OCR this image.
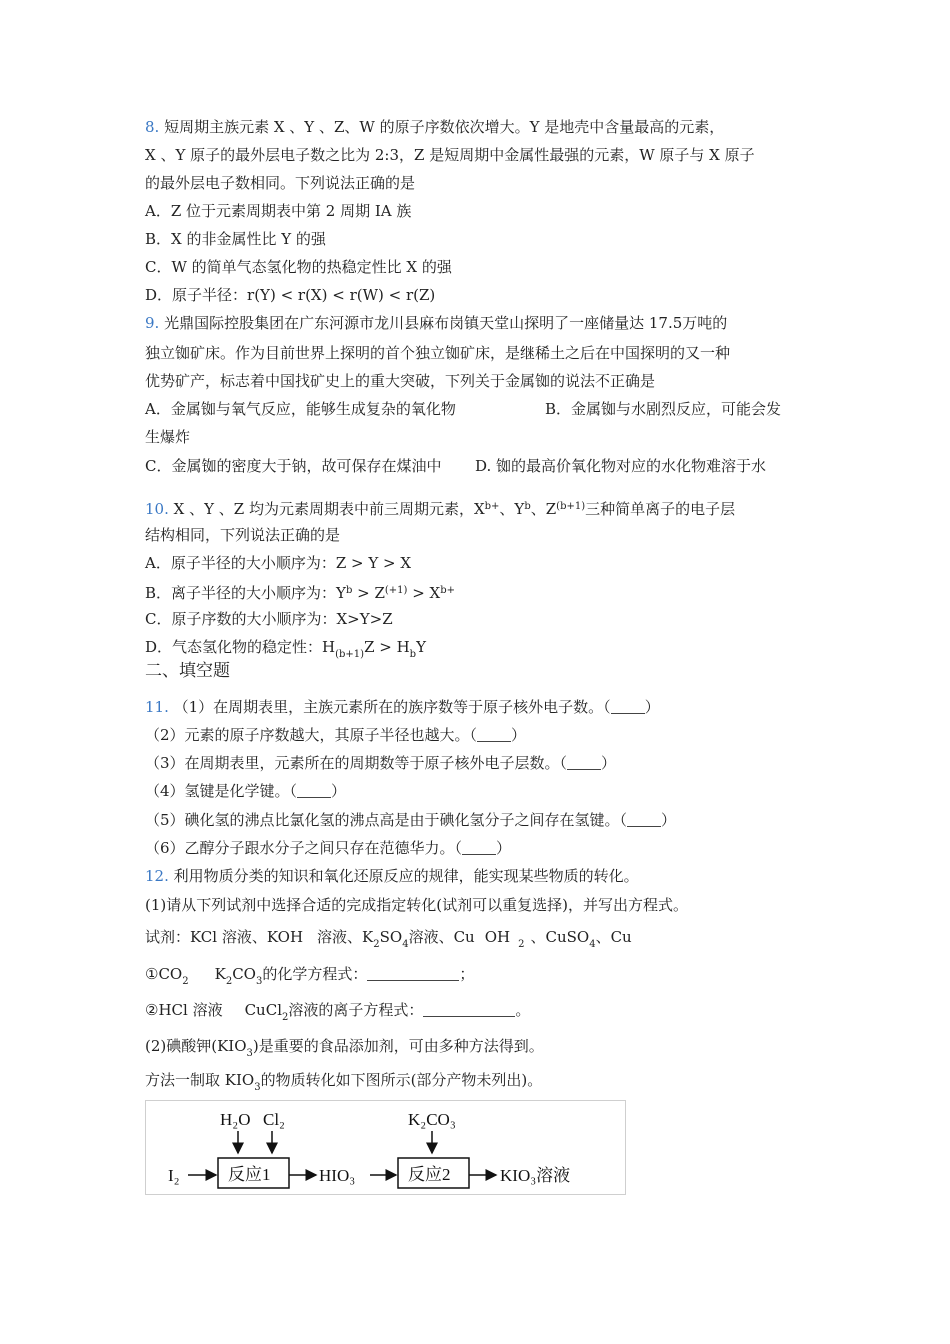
8. 短周期主族元素 X 、Y 、Z、W 的原子序数依次增大。Y 是地壳中含量最高的元素，
X 、Y 原子的最外层电子数之比为 2:3，Z 是短周期中金属性最强的元素，W 原子与 X 原子
的最外层电子数相同。下列说法正确的是
A．Z 位于元素周期表中第 2 周期 ⅠA 族
B．X 的非金属性比 Y 的强
C．W 的简单气态氢化物的热稳定性比 X 的强
D．原子半径：r(Y) < r(X) < r(W) < r(Z)
9. 光鼎国际控股集团在广东河源市龙川县麻布岗镇天堂山探明了一座储量达 17.5万吨的
独立铷矿床。作为目前世界上探明的首个独立铷矿床，是继稀土之后在中国探明的又一种
优势矿产，标志着中国找矿史上的重大突破，下列关于金属铷的说法不正确是
A．金属铷与氧气反应，能够生成复杂的氧化物	B．金属铷与水剧烈反应，可能会发
生爆炸
C．金属铷的密度大于钠，故可保存在煤油中 D. 铷的最高价氧化物对应的水化物难溶于水
10. X 、Y 、Z 均为元素周期表中前三周期元素，$X^{b+}$、$Y^b$、$Z^{(b+1)}$三种简单离子的电子层
结构相同，下列说法正确的是
A．原子半径的大小顺序为：Z > Y > X
B．离子半径的大小顺序为：$Y^b > Z^{(+1)} > X^{b+}$
C．原子序数的大小顺序为：X>Y>Z
D．气态氢化物的稳定性：$H_{(b+1)}Z > H_bY$
二、填空题
11. （1）在周期表里，主族元素所在的族序数等于原子核外电子数。（ ）
（2）元素的原子序数越大，其原子半径也越大。（ ）
（3）在周期表里，元素所在的周期数等于原子核外电子层数。（ ）
（4）氢键是化学键。（ ）
（5）碘化氢的沸点比氯化氢的沸点高是由于碘化氢分子之间存在氢键。（ ）
（6）乙醇分子跟水分子之间只存在范德华力。（ ）
12. 利用物质分类的知识和氧化还原反应的规律，能实现某些物质的转化。
(1)请从下列试剂中选择合适的完成指定转化(试剂可以重复选择)，并写出方程式。
试剂：KCl 溶液、KOH 溶液、$K_2SO_4$溶液、Cu OH $_2$ 、CuSO$_4$、Cu
$①CO_2$ $K_2CO_3$的化学方程式：	；
②HCl 溶液 CuCl$_2$溶液的离子方程式：	。
(2)碘酸钾$(KIO_3)$是重要的食品添加剂，可由多种方法得到。
方法一制取 $KIO_3$的物质转化如下图所示(部分产物未列出)。
H₂O Cl₂	K₂CO₃
I₂	反应1	HIO₃	反应2	KIO₃溶液
